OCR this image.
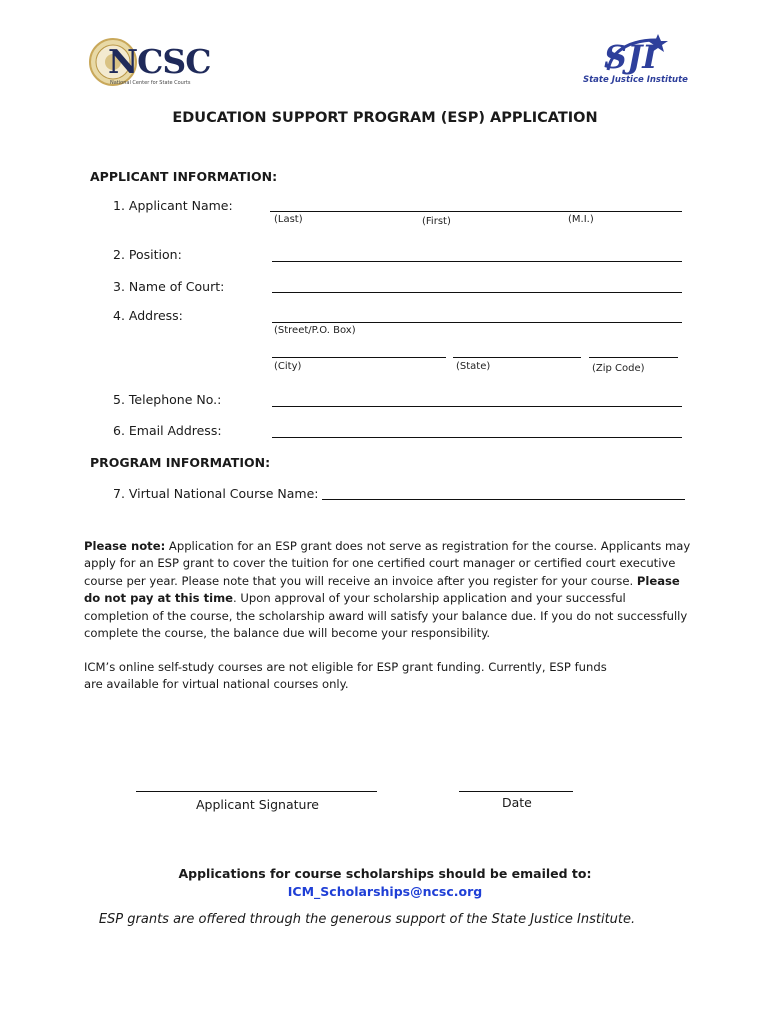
NCSC
National Center for State Courts
SJI
State Justice Institute
EDUCATION SUPPORT PROGRAM (ESP) APPLICATION
APPLICANT INFORMATION:
1. Applicant Name:
(Last)	(First)	(M.I.)
2. Position:
3. Name of Court:
4. Address:
(Street/P.O. Box)
(City)	(State)	(Zip Code)
5. Telephone No.:
6. Email Address:
PROGRAM INFORMATION:
7. Virtual National Course Name:
Please note: Application for an ESP grant does not serve as registration for the course. Applicants may apply for an ESP grant to cover the tuition for one certified court manager or certified court executive course per year. Please note that you will receive an invoice after you register for your course. Please do not pay at this time. Upon approval of your scholarship application and your successful completion of the course, the scholarship award will satisfy your balance due. If you do not successfully complete the course, the balance due will become your responsibility.
ICM’s online self-study courses are not eligible for ESP grant funding. Currently, ESP funds are available for virtual national courses only.
Applicant Signature	Date
Applications for course scholarships should be emailed to:
ICM_Scholarships@ncsc.org
ESP grants are offered through the generous support of the State Justice Institute.
